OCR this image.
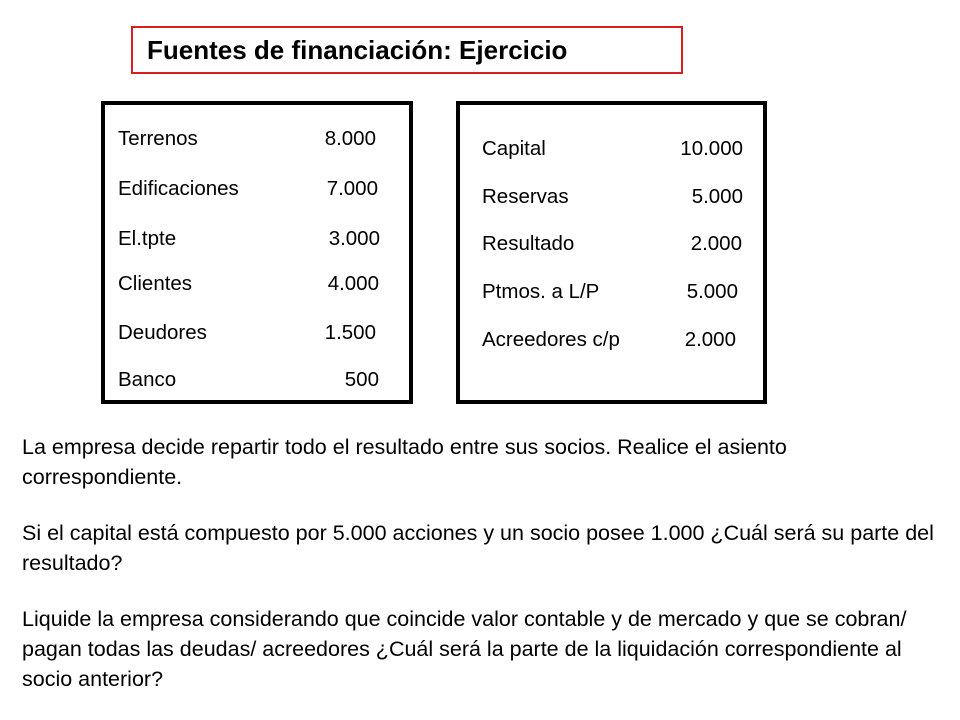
Fuentes de financiación: Ejercicio
Terrenos	8.000
Edificaciones	7.000
El.tpte	3.000
Clientes	4.000
Deudores	1.500
Banco	500
Capital	10.000
Reservas	5.000
Resultado	2.000
Ptmos. a L/P	5.000
Acreedores c/p	2.000
La empresa decide repartir todo el resultado entre sus socios. Realice el asiento correspondiente.
Si el capital está compuesto por 5.000 acciones y un socio posee 1.000 ¿Cuál será su parte del resultado?
Liquide la empresa considerando que coincide valor contable y de mercado y que se cobran/ pagan todas las deudas/ acreedores ¿Cuál será la parte de la liquidación correspondiente al socio anterior?
